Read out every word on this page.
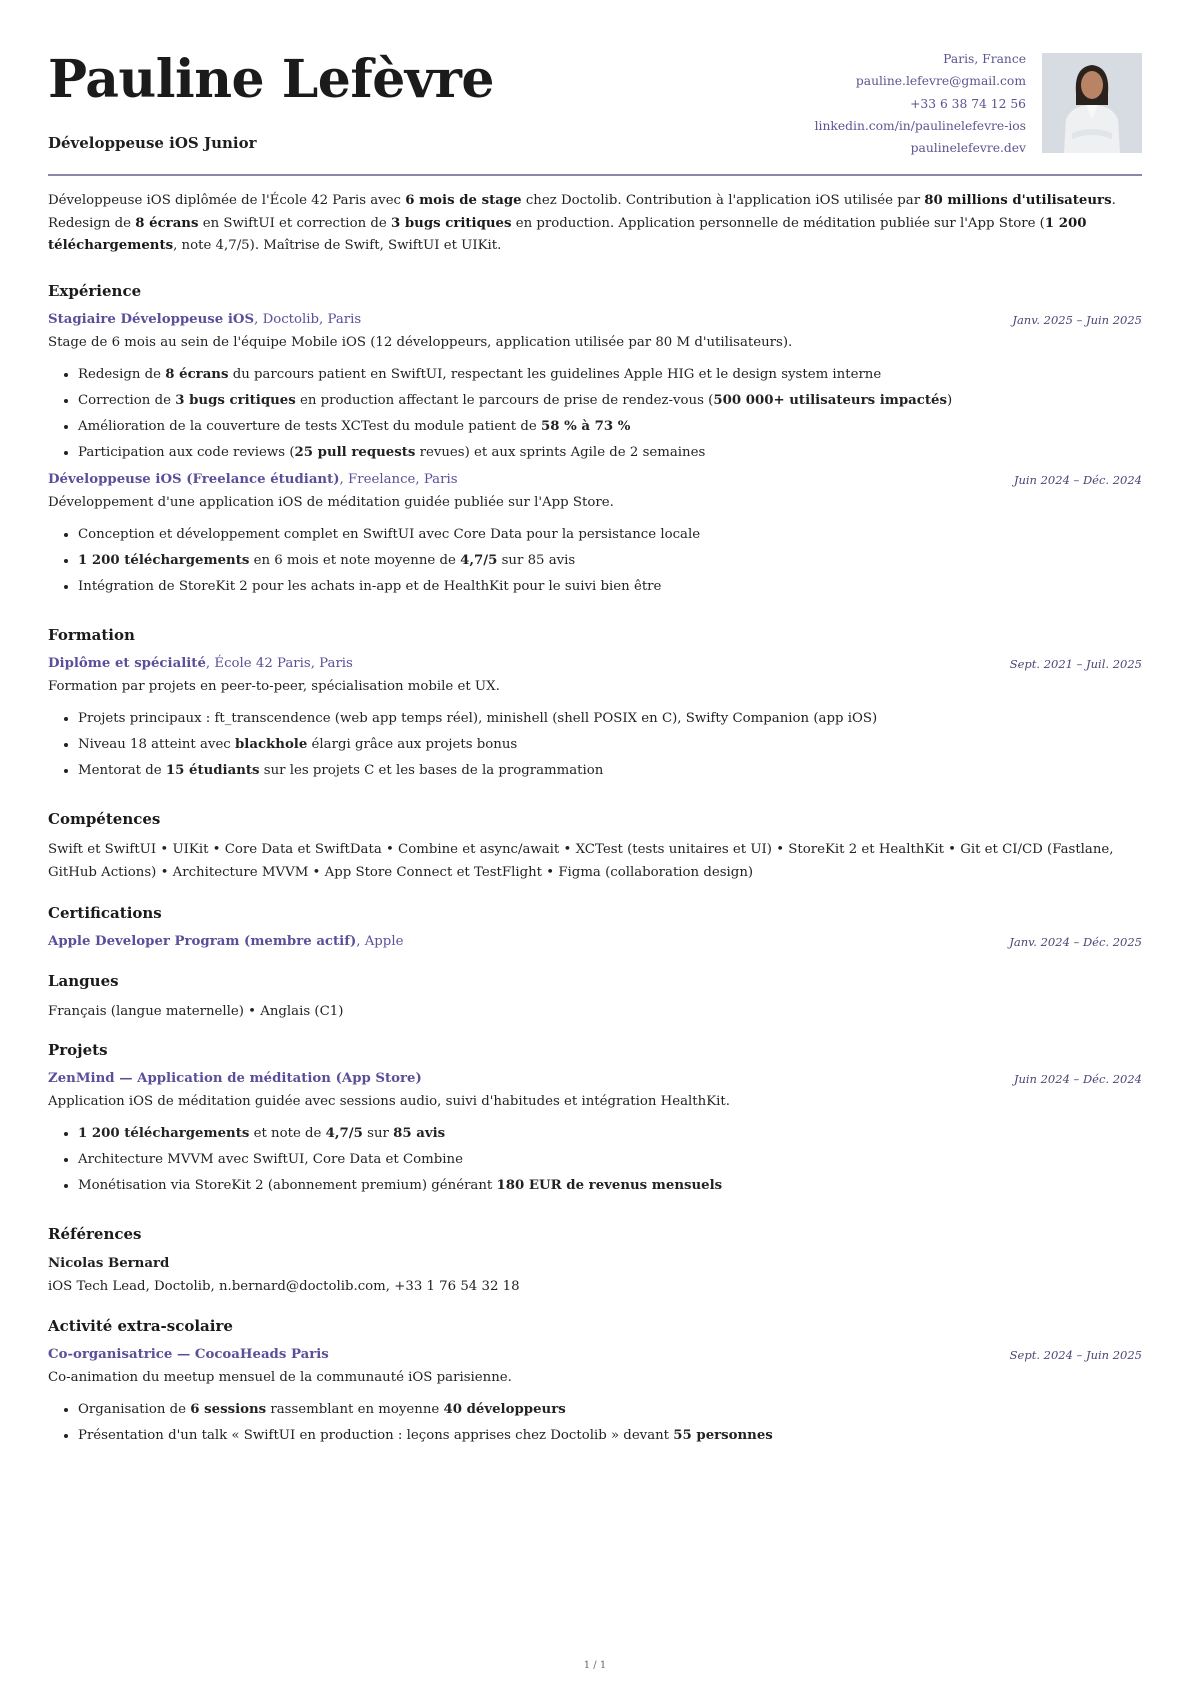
Pauline Lefèvre
Développeuse iOS Junior
Paris, France
pauline.lefevre@gmail.com
+33 6 38 74 12 56
linkedin.com/in/paulinelefevre-ios
paulinelefevre.dev
Développeuse iOS diplômée de l'École 42 Paris avec 6 mois de stage chez Doctolib. Contribution à l'application iOS utilisée par 80 millions d'utilisateurs. Redesign de 8 écrans en SwiftUI et correction de 3 bugs critiques en production. Application personnelle de méditation publiée sur l'App Store (1 200 téléchargements, note 4,7/5). Maîtrise de Swift, SwiftUI et UIKit.
Expérience
Stagiaire Développeuse iOS, Doctolib, Paris	Janv. 2025 – Juin 2025
Stage de 6 mois au sein de l'équipe Mobile iOS (12 développeurs, application utilisée par 80 M d'utilisateurs).
• Redesign de 8 écrans du parcours patient en SwiftUI, respectant les guidelines Apple HIG et le design system interne
• Correction de 3 bugs critiques en production affectant le parcours de prise de rendez-vous (500 000+ utilisateurs impactés)
• Amélioration de la couverture de tests XCTest du module patient de 58 % à 73 %
• Participation aux code reviews (25 pull requests revues) et aux sprints Agile de 2 semaines
Développeuse iOS (Freelance étudiant), Freelance, Paris	Juin 2024 – Déc. 2024
Développement d'une application iOS de méditation guidée publiée sur l'App Store.
• Conception et développement complet en SwiftUI avec Core Data pour la persistance locale
• 1 200 téléchargements en 6 mois et note moyenne de 4,7/5 sur 85 avis
• Intégration de StoreKit 2 pour les achats in-app et de HealthKit pour le suivi bien être
Formation
Diplôme et spécialité, École 42 Paris, Paris	Sept. 2021 – Juil. 2025
Formation par projets en peer-to-peer, spécialisation mobile et UX.
• Projets principaux : ft_transcendence (web app temps réel), minishell (shell POSIX en C), Swifty Companion (app iOS)
• Niveau 18 atteint avec blackhole élargi grâce aux projets bonus
• Mentorat de 15 étudiants sur les projets C et les bases de la programmation
Compétences
Swift et SwiftUI • UIKit • Core Data et SwiftData • Combine et async/await • XCTest (tests unitaires et UI) • StoreKit 2 et HealthKit • Git et CI/CD (Fastlane, GitHub Actions) • Architecture MVVM • App Store Connect et TestFlight • Figma (collaboration design)
Certifications
Apple Developer Program (membre actif), Apple	Janv. 2024 – Déc. 2025
Langues
Français (langue maternelle) • Anglais (C1)
Projets
ZenMind — Application de méditation (App Store)	Juin 2024 – Déc. 2024
Application iOS de méditation guidée avec sessions audio, suivi d'habitudes et intégration HealthKit.
• 1 200 téléchargements et note de 4,7/5 sur 85 avis
• Architecture MVVM avec SwiftUI, Core Data et Combine
• Monétisation via StoreKit 2 (abonnement premium) générant 180 EUR de revenus mensuels
Références
Nicolas Bernard
iOS Tech Lead, Doctolib, n.bernard@doctolib.com, +33 1 76 54 32 18
Activité extra-scolaire
Co-organisatrice — CocoaHeads Paris	Sept. 2024 – Juin 2025
Co-animation du meetup mensuel de la communauté iOS parisienne.
• Organisation de 6 sessions rassemblant en moyenne 40 développeurs
• Présentation d'un talk « SwiftUI en production : leçons apprises chez Doctolib » devant 55 personnes
1 / 1
